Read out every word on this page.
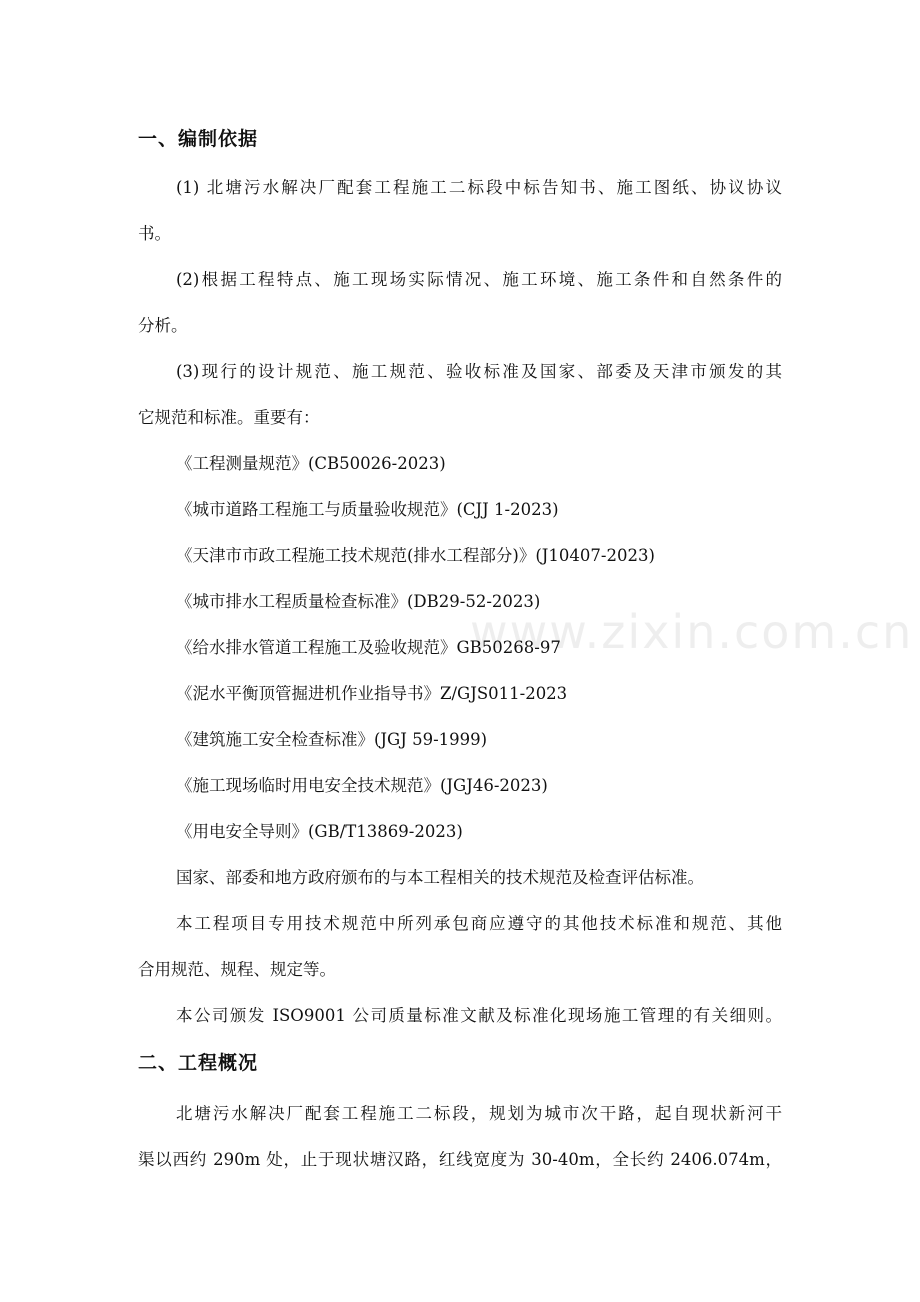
www.zixin.com.cn
一、编制依据
(1) 北塘污水解决厂配套工程施工二标段中标告知书、施工图纸、协议协议
书。
(2)根据工程特点、施工现场实际情况、施工环境、施工条件和自然条件的
分析。
(3)现行的设计规范、施工规范、验收标准及国家、部委及天津市颁发的其
它规范和标准。重要有：
《工程测量规范》(CB50026-2023)
《城市道路工程施工与质量验收规范》(CJJ 1-2023)
《天津市市政工程施工技术规范(排水工程部分)》(J10407-2023)
《城市排水工程质量检查标准》(DB29-52-2023)
《给水排水管道工程施工及验收规范》GB50268-97
《泥水平衡顶管掘进机作业指导书》Z/GJS011-2023
《建筑施工安全检查标准》(JGJ 59-1999)
《施工现场临时用电安全技术规范》(JGJ46-2023)
《用电安全导则》(GB/T13869-2023)
国家、部委和地方政府颁布的与本工程相关的技术规范及检查评估标准。
本工程项目专用技术规范中所列承包商应遵守的其他技术标准和规范、其他
合用规范、规程、规定等。
本公司颁发 ISO9001 公司质量标准文献及标准化现场施工管理的有关细则。
二、工程概况
北塘污水解决厂配套工程施工二标段，规划为城市次干路，起自现状新河干
渠以西约 290m 处，止于现状塘汉路，红线宽度为 30-40m，全长约 2406.074m，
